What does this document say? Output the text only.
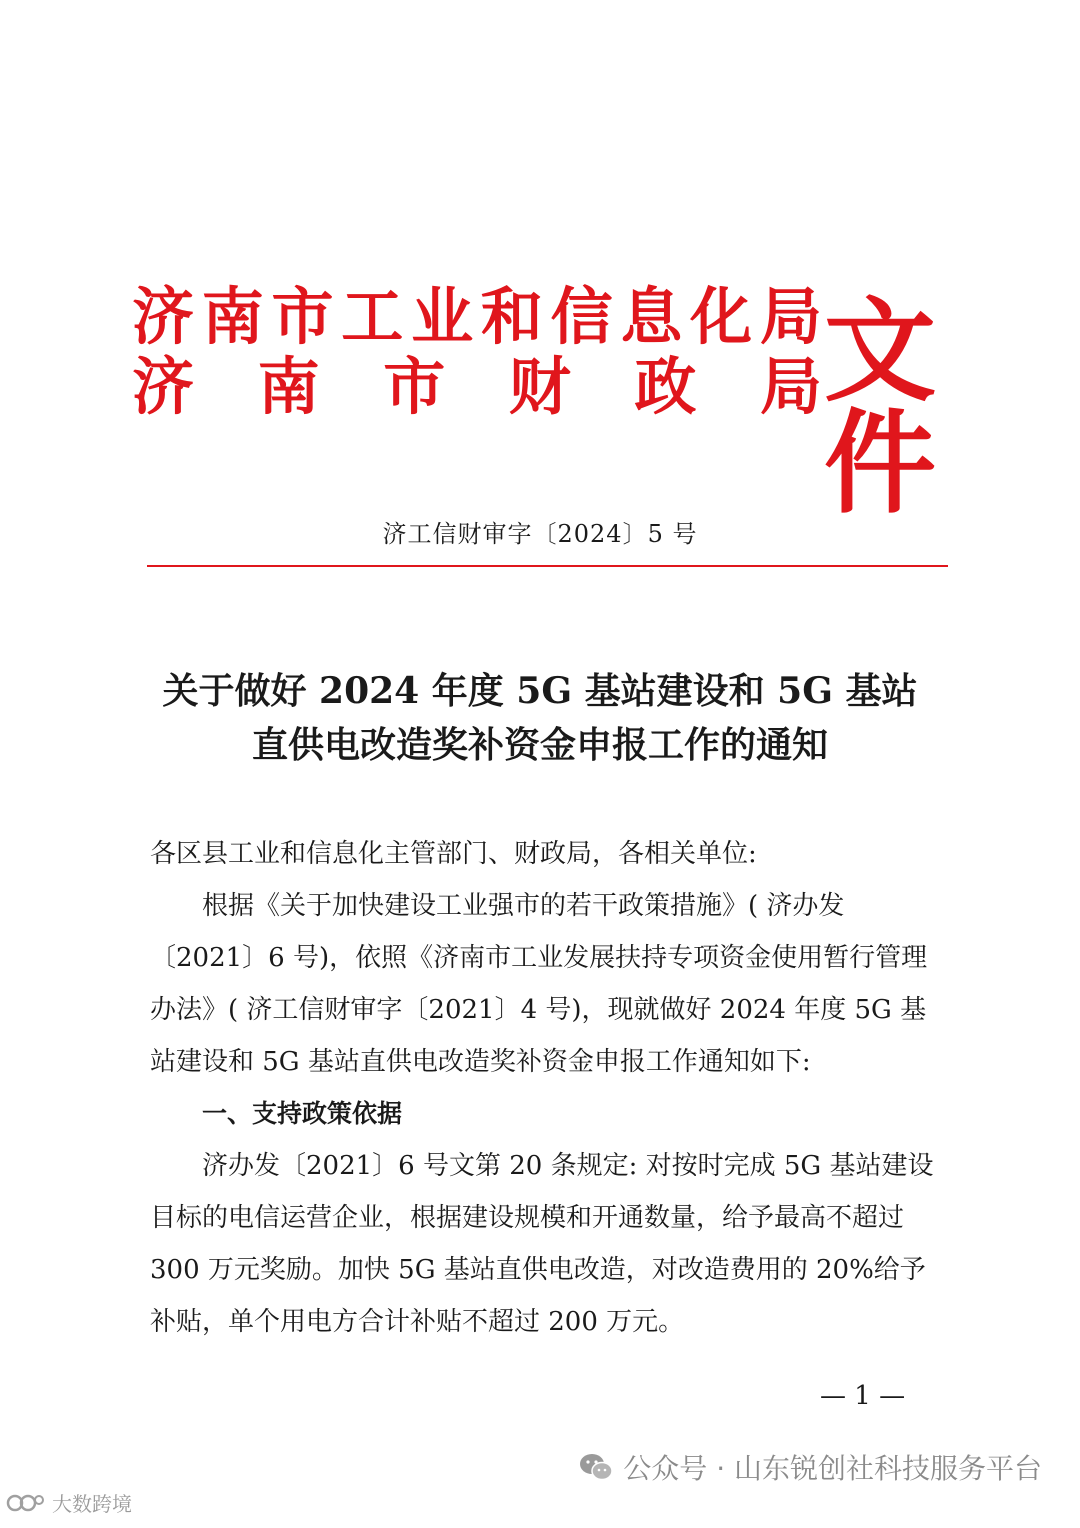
济 南 市 工 业 和 信 息 化 局
济 南 市 财 政 局 文件
济工信财审字〔2024〕5 号
关于做好 2024 年度 5G 基站建设和 5G 基站
直供电改造奖补资金申报工作的通知

各区县工业和信息化主管部门、财政局，各相关单位:

根据《关于加快建设工业强市的若干政策措施》( 济办发〔2021〕6 号)，依照《济南市工业发展扶持专项资金使用暂行管理办法》( 济工信财审字〔2021〕4 号)，现就做好 2024 年度 5G 基站建设和 5G 基站直供电改造奖补资金申报工作通知如下:

一、支持政策依据

济办发〔2021〕6 号文第 20 条规定: 对按时完成 5G 基站建设目标的电信运营企业，根据建设规模和开通数量，给予最高不超过 300 万元奖励。加快 5G 基站直供电改造，对改造费用的 20%给予补贴，单个用电方合计补贴不超过 200 万元。

— 1 —
公众号 · 山东锐创社科技服务平台
大数跨境
